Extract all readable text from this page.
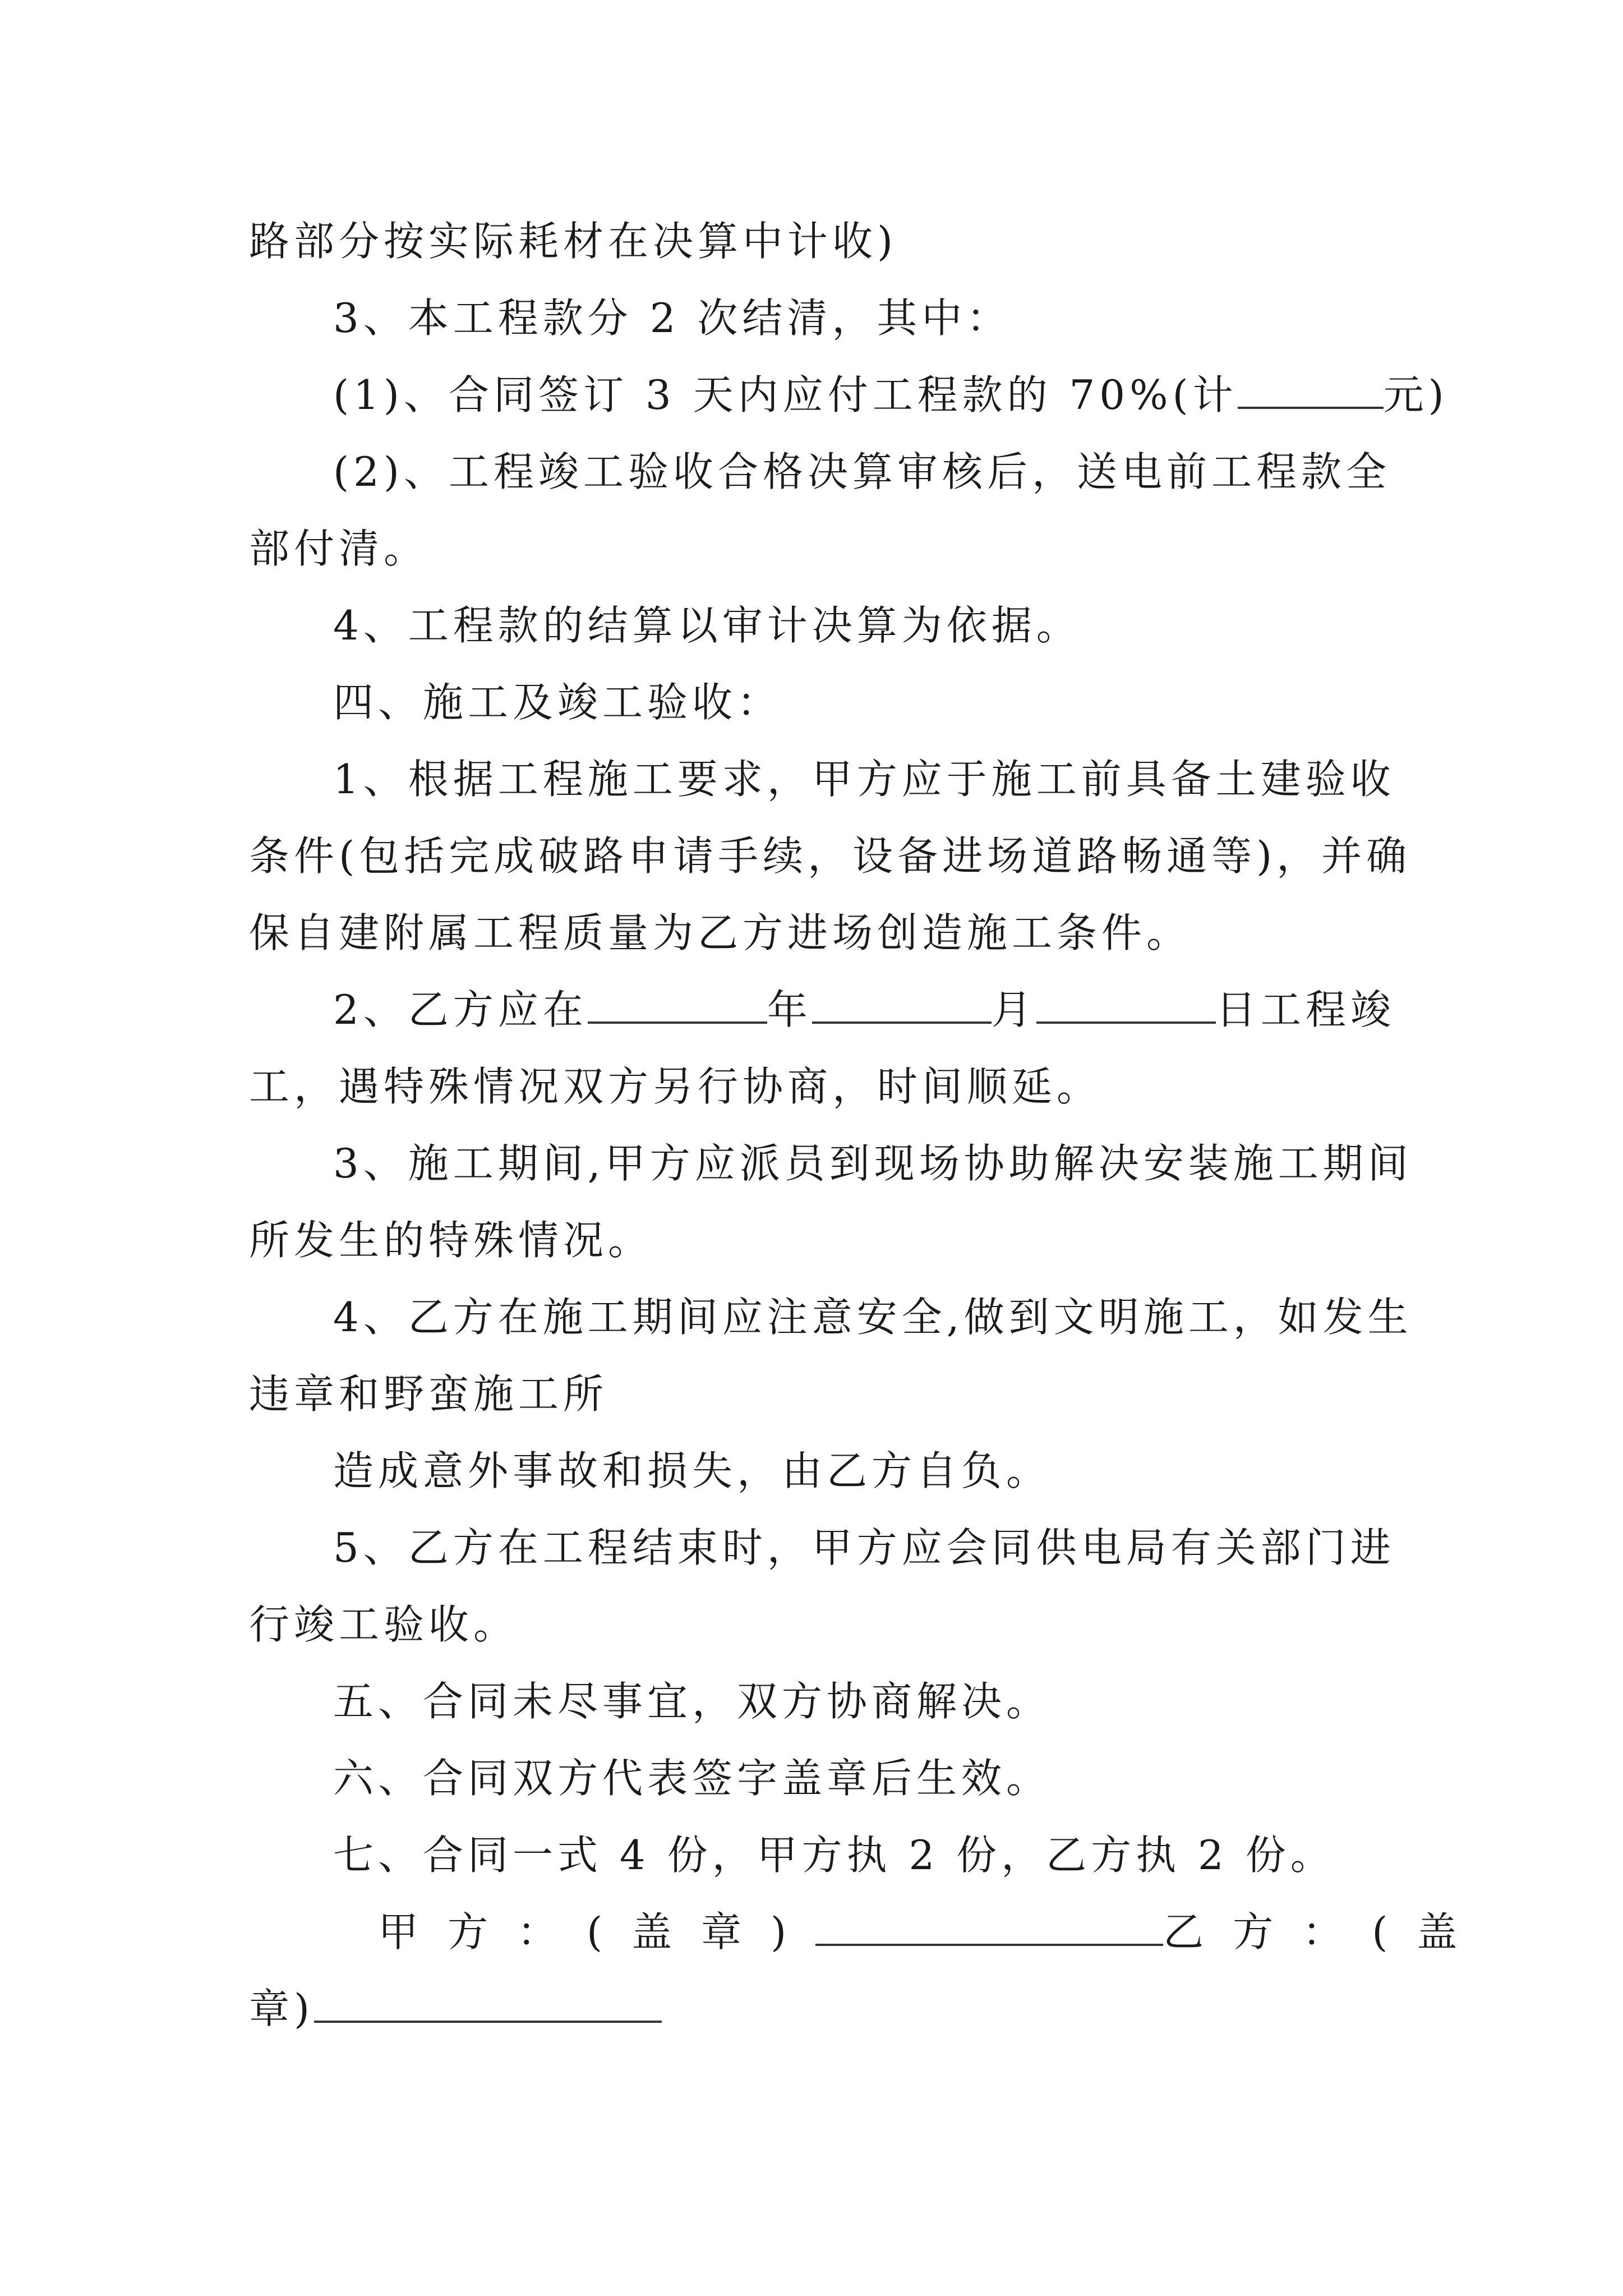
路部分按实际耗材在决算中计收)
3、本工程款分 2 次结清，其中：
(1)、合同签订 3 天内应付工程款的 70%(计	元)
(2)、工程竣工验收合格决算审核后，送电前工程款全
部付清。
4、工程款的结算以审计决算为依据。
四、施工及竣工验收：
1、根据工程施工要求，甲方应于施工前具备土建验收
条件(包括完成破路申请手续，设备进场道路畅通等)，并确
保自建附属工程质量为乙方进场创造施工条件。
2、乙方应在	年	月	日工程竣
工，遇特殊情况双方另行协商，时间顺延。
3、施工期间,甲方应派员到现场协助解决安装施工期间
所发生的特殊情况。
4、乙方在施工期间应注意安全,做到文明施工，如发生
违章和野蛮施工所
造成意外事故和损失，由乙方自负。
5、乙方在工程结束时，甲方应会同供电局有关部门进
行竣工验收。
五、合同未尽事宜，双方协商解决。
六、合同双方代表签字盖章后生效。
七、合同一式 4 份，甲方执 2 份，乙方执 2 份。
甲方：(盖章)	乙方：(盖
章)
